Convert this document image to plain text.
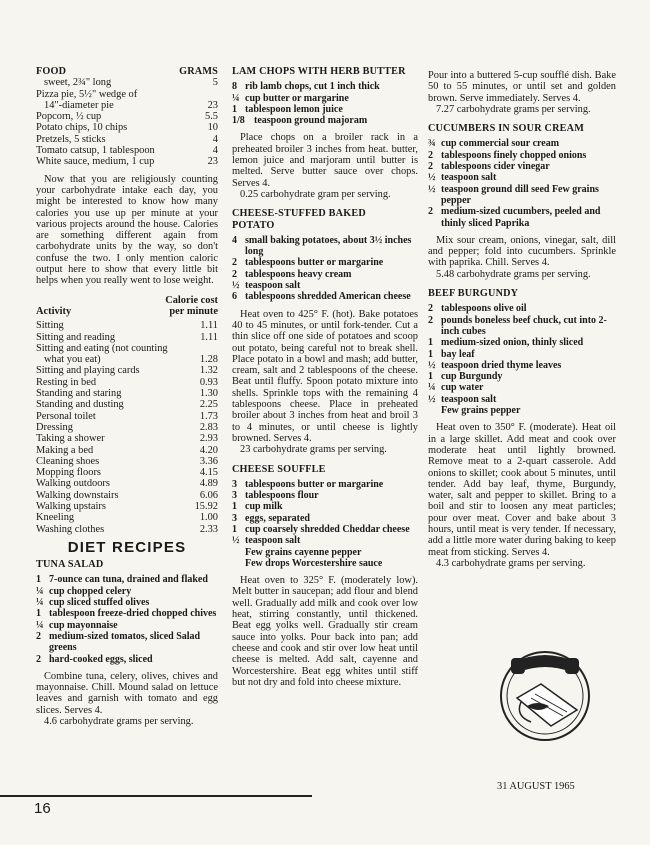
FOOD	GRAMS
sweet, 2¾" long	5
Pizza pie, 5½" wedge of
14"-diameter pie	23
Popcorn, ½ cup	5.5
Potato chips, 10 chips	10
Pretzels, 5 sticks	4
Tomato catsup, 1 tablespoon	4
White sauce, medium, 1 cup	23

Now that you are religiously counting your carbohydrate intake each day, you might be interested to know how many calories you use up per minute at your various projects around the house. Calories are something different again from carbohydrate units by the way, so don't confuse the two. I only mention caloric output here to show that every little bit helps when you really went to lose weight.

Activity
Calorie cost
per minute
Sitting	1.11
Sitting and reading	1.11
Sitting and eating (not counting
what you eat)	1.28
Sitting and playing cards	1.32
Resting in bed	0.93
Standing and staring	1.30
Standing and dusting	2.25
Personal toilet	1.73
Dressing	2.83
Taking a shower	2.93
Making a bed	4.20
Cleaning shoes	3.36
Mopping floors	4.15
Walking outdoors	4.89
Walking downstairs	6.06
Walking upstairs	15.92
Kneeling	1.00
Washing clothes	2.33
DIET RECIPES
TUNA SALAD
1 7-ounce can tuna, drained and flaked
¼ cup chopped celery
¼ cup sliced stuffed olives
1 tablespoon freeze-dried chopped chives
¼ cup mayonnaise
2 medium-sized tomatos, sliced Salad greens
2 hard-cooked eggs, sliced

Combine tuna, celery, olives, chives and mayonnaise. Chill. Mound salad on lettuce leaves and garnish with tomato and egg slices. Serves 4.

4.6 carbohydrate grams per serving.

LAM CHOPS WITH HERB BUTTER
8 rib lamb chops, cut 1 inch thick
¼ cup butter or margarine
1 tablespoon lemon juice
1/8 teaspoon ground majoram

Place chops on a broiler rack in a preheated broiler 3 inches from heat. butter, lemon juice and marjoram until butter is melted. Serve butter sauce over chops. Serves 4.

0.25 carbohydrate gram per serving.

CHEESE-STUFFED BAKED
POTATO
4 small baking potatoes, about 3½ inches long
2 tablespoons butter or margarine
2 tablespoons heavy cream
½ teaspoon salt
6 tablespoons shredded American cheese

Heat oven to 425° F. (hot). Bake potatoes 40 to 45 minutes, or until fork-tender. Cut a thin slice off one side of potatoes and scoop out potato, being careful not to break shell. Place potato in a bowl and mash; add butter, cream, salt and 2 tablespoons of the cheese. Beat until fluffy. Spoon potato mixture into shells. Sprinkle tops with the remaining 4 tablespoons cheese. Place in preheated broiler about 3 inches from heat and broil 3 to 4 minutes, or until cheese is lightly browned. Serves 4.

23 carbohydrate grams per serving.

CHEESE SOUFFLE
3 tablespoons butter or margarine
3 tablespoons flour
1 cup milk
3 eggs, separated
1 cup coarsely shredded Cheddar cheese
½ teaspoon salt
Few grains cayenne pepper
Few drops Worcestershire sauce

Heat oven to 325° F. (moderately low). Melt butter in saucepan; add flour and blend well. Gradually add milk and cook over low heat, stirring constantly, until thickened. Beat egg yolks well. Gradually stir cream sauce into yolks. Pour back into pan; add cheese and cook and stir over low heat until cheese is melted. Add salt, cayenne and Worcestershire. Beat egg whites until stiff but not dry and fold into cheese mixture.

Pour into a buttered 5-cup soufflé dish. Bake 50 to 55 minutes, or until set and golden brown. Serve immediately. Serves 4.

7.27 carbohydrate grams per serving.

CUCUMBERS IN SOUR CREAM
¾ cup commercial sour cream
2 tablespoons finely chopped onions
2 tablespoons cider vinegar
½ teaspoon salt
½ teaspoon ground dill seed Few grains pepper
2 medium-sized cucumbers, peeled and thinly sliced Paprika

Mix sour cream, onions, vinegar, salt, dill and pepper; fold into cucumbers. Sprinkle with paprika. Chill. Serves 4.

5.48 carbohydrate grams per serving.

BEEF BURGUNDY
2 tablespoons olive oil
2 pounds boneless beef chuck, cut into 2-inch cubes
1 medium-sized onion, thinly sliced
1 bay leaf
½ teaspoon dried thyme leaves
1 cup Burgundy
¼ cup water
½ teaspoon salt
Few grains pepper

Heat oven to 350° F. (moderate). Heat oil in a large skillet. Add meat and cook over moderate heat until lightly browned. Remove meat to a 2-quart casserole. Add onions to skillet; cook about 5 minutes, until tender. Add bay leaf, thyme, Burgundy, water, salt and pepper to skillet. Bring to a boil and stir to loosen any meat particles; pour over meat. Cover and bake about 3 hours, until meat is very tender. If necessary, add a little more water during baking to keep meat from sticking. Serves 4.

4.3 carbohydrate grams per serving.

31 AUGUST 1965
16
